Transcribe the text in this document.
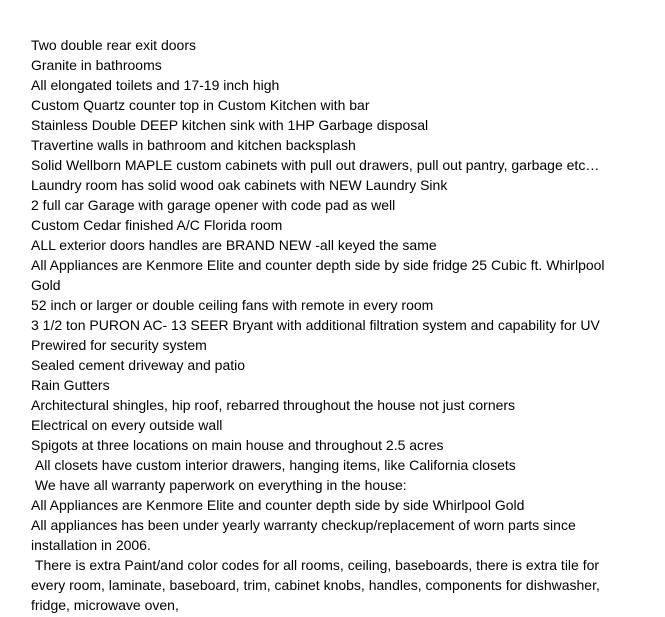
Two double rear exit doors
Granite in bathrooms
All elongated toilets and 17-19 inch high
Custom Quartz counter top in Custom Kitchen with bar
Stainless Double DEEP kitchen sink with 1HP Garbage disposal
Travertine walls in bathroom and kitchen backsplash
Solid Wellborn MAPLE custom cabinets with pull out drawers, pull out pantry, garbage etc…
Laundry room has solid wood oak cabinets with NEW Laundry Sink
2 full car Garage with garage opener with code pad as well
Custom Cedar finished A/C Florida room
ALL exterior doors handles are BRAND NEW -all keyed the same
All Appliances are Kenmore Elite and counter depth side by side fridge 25 Cubic ft. Whirlpool Gold
52 inch or larger or double ceiling fans with remote in every room
3 1/2 ton PURON AC- 13 SEER Bryant with additional filtration system and capability for UV
Prewired for security system
Sealed cement driveway and patio
Rain Gutters
Architectural shingles, hip roof, rebarred throughout the house not just corners
Electrical on every outside wall
Spigots at three locations on main house and throughout 2.5 acres
All closets have custom interior drawers, hanging items, like California closets
We have all warranty paperwork on everything in the house:
All Appliances are Kenmore Elite and counter depth side by side Whirlpool Gold
All appliances has been under yearly warranty checkup/replacement of worn parts since installation in 2006.
There is extra Paint/and color codes for all rooms, ceiling, baseboards, there is extra tile for every room, laminate, baseboard, trim, cabinet knobs, handles, components for dishwasher, fridge, microwave oven,
